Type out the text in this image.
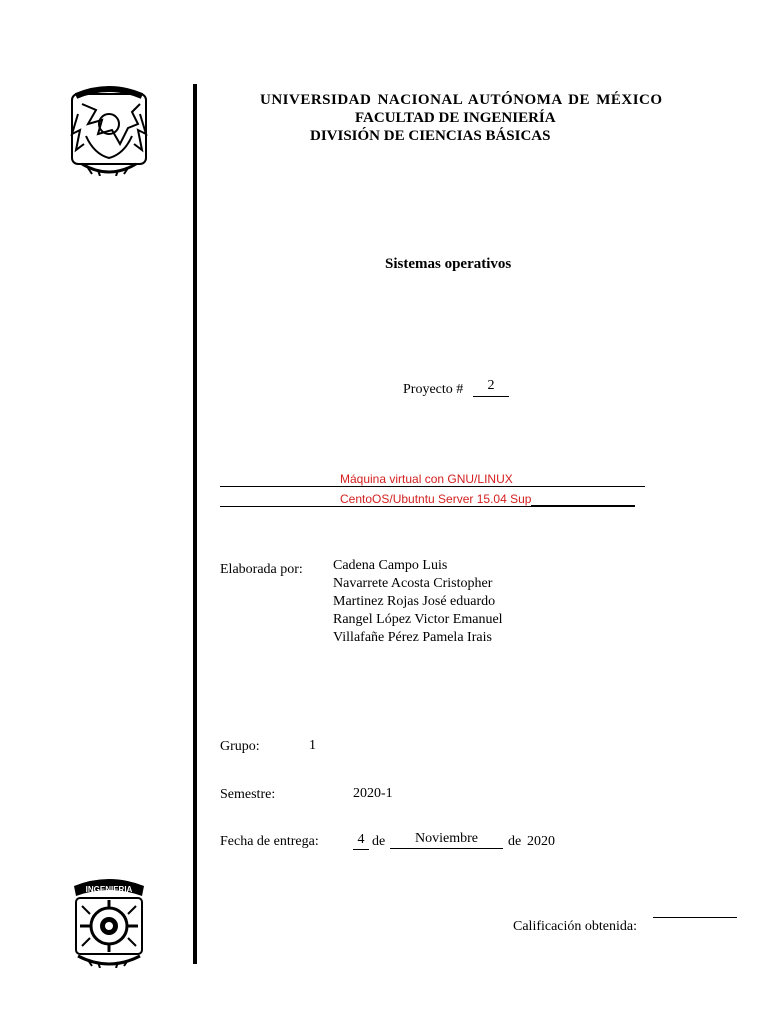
UNIVERSIDAD NACIONAL AUTÓNOMA DE MÉXICO
FACULTAD DE INGENIERÍA
DIVISIÓN DE CIENCIAS BÁSICAS
Sistemas operativos
Proyecto #	2
Máquina virtual con GNU/LINUX
CentoOS/Ubutntu Server 15.04 Sup
Elaborada por: Cadena Campo Luis
Navarrete Acosta Cristopher
Martinez Rojas José eduardo
Rangel López Victor Emanuel
Villafañe Pérez Pamela Irais
Grupo:	1
Semestre:	2020-1
Fecha de entrega:	4 de	Noviembre	de 2020
INGENIERIA
Calificación obtenida:
